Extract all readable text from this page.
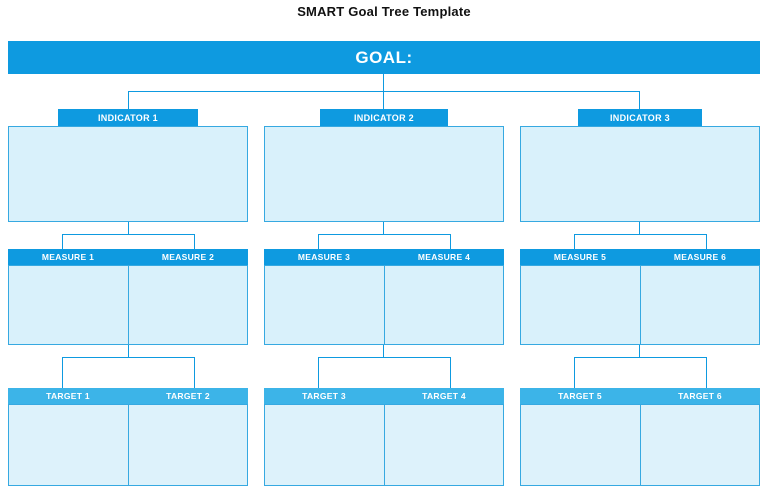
SMART Goal Tree Template
GOAL:
INDICATOR 1	INDICATOR 2	INDICATOR 3
MEASURE 1	MEASURE 2	MEASURE 3	MEASURE 4	MEASURE 5	MEASURE 6
TARGET 1	TARGET 2	TARGET 3	TARGET 4	TARGET 5	TARGET 6
